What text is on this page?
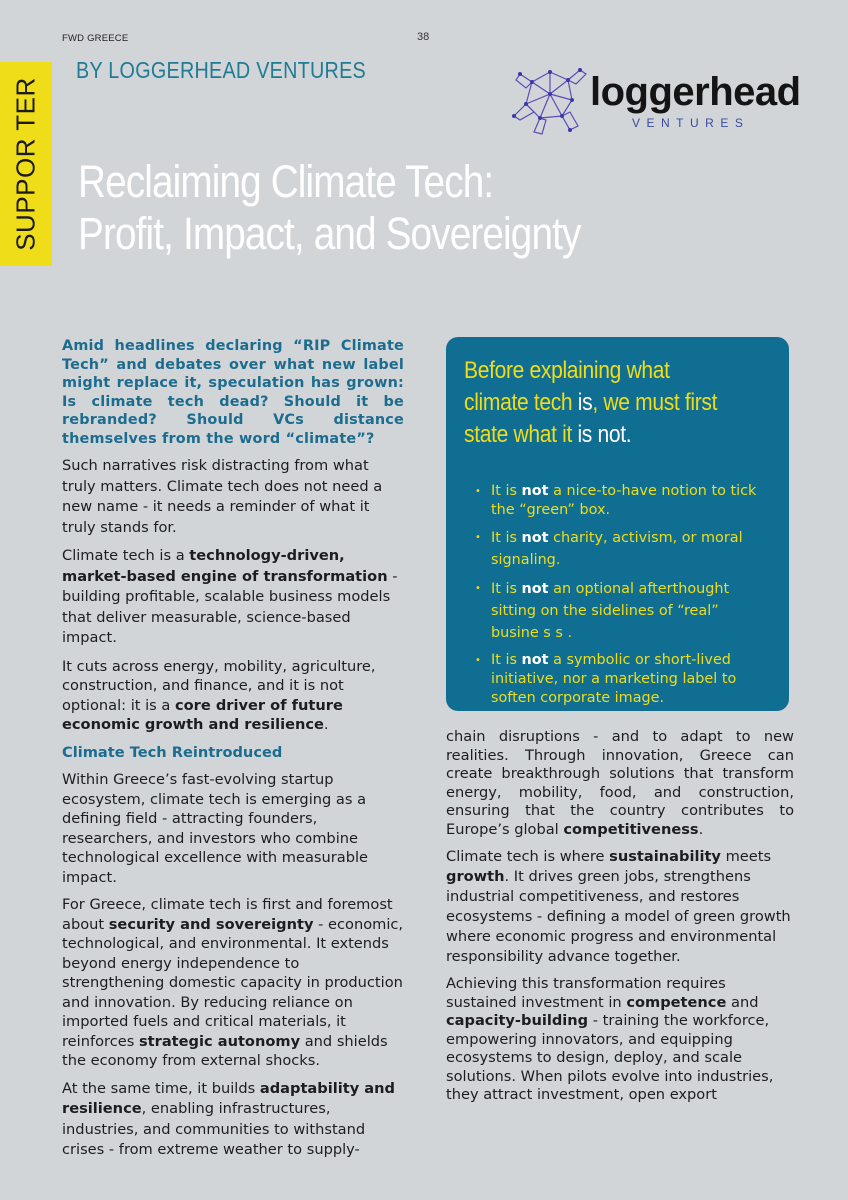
FWD GREECE	38
SUPPOR TER
BY LOGGERHEAD VENTURES	loggerhead
VENTURES
Reclaiming Climate Tech:
Profit, Impact, and Sovereignty

Amid headlines declaring “RIP Climate Tech” and debates over what new label might replace it, speculation has grown: Is climate tech dead? Should it be rebranded? Should VCs distance themselves from the word “climate”?

Such narratives risk distracting from what truly matters. Climate tech does not need a new name - it needs a reminder of what it truly stands for.

Climate tech is a technology-driven, market-based engine of transformation - building profitable, scalable business models that deliver measurable, science-based impact.

It cuts across energy, mobility, agriculture, construction, and finance, and it is not optional: it is a core driver of future economic growth and resilience.

Climate Tech Reintroduced

Within Greece’s fast-evolving startup ecosystem, climate tech is emerging as a defining field - attracting founders, researchers, and investors who combine technological excellence with measurable impact.

For Greece, climate tech is first and foremost about security and sovereignty - economic, technological, and environmental. It extends beyond energy independence to strengthening domestic capacity in production and innovation. By reducing reliance on imported fuels and critical materials, it reinforces strategic autonomy and shields the economy from external shocks.

At the same time, it builds adaptability and resilience, enabling infrastructures, industries, and communities to withstand crises - from extreme weather to supply-

Before explaining what climate tech is, we must first state what it is not.
• It is not a nice-to-have notion to tick the “green” box.
• It is not charity, activism, or moral signaling.
• It is not an optional afterthought sitting on the sidelines of “real” busine s s .
• It is not a symbolic or short-lived initiative, nor a marketing label to soften corporate image.

chain disruptions - and to adapt to new realities. Through innovation, Greece can create breakthrough solutions that transform energy, mobility, food, and construction, ensuring that the country contributes to Europe’s global competitiveness.

Climate tech is where sustainability meets growth. It drives green jobs, strengthens industrial competitiveness, and restores ecosystems - defining a model of green growth where economic progress and environmental responsibility advance together.

Achieving this transformation requires sustained investment in competence and capacity-building - training the workforce, empowering innovators, and equipping ecosystems to design, deploy, and scale solutions. When pilots evolve into industries, they attract investment, open export
